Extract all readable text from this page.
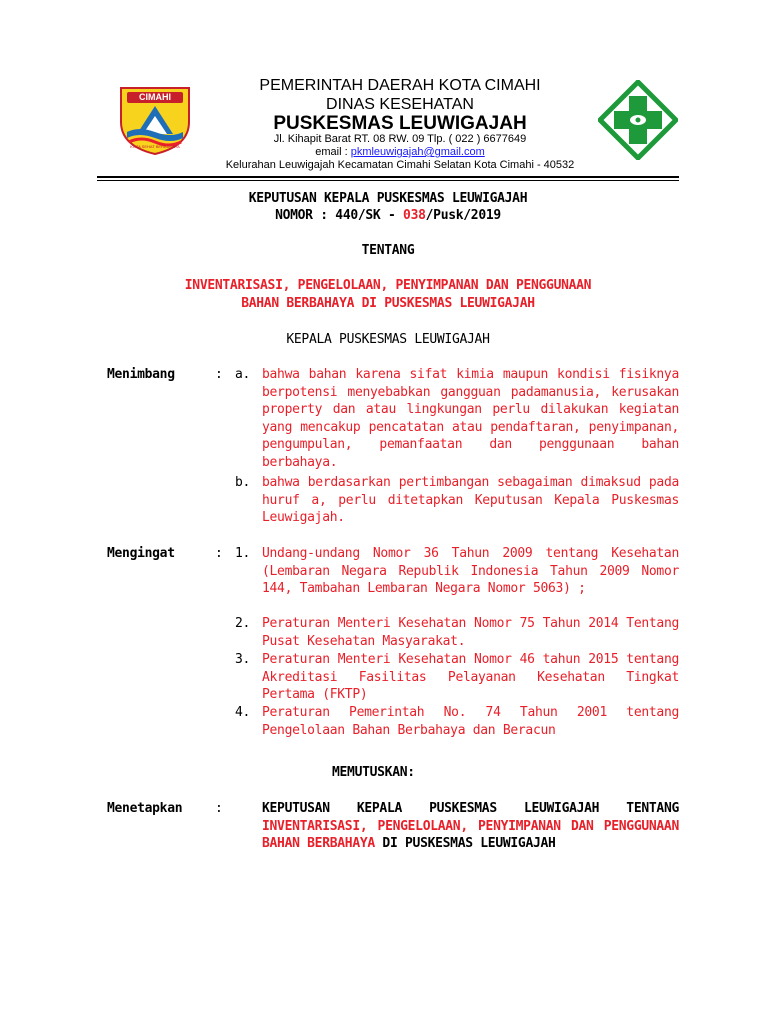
CIMAHI
KOTA SEHAT BERBUDAYA
PEMERINTAH DAERAH KOTA CIMAHI
DINAS KESEHATAN
PUSKESMAS LEUWIGAJAH
Jl. Kihapit Barat RT. 08 RW. 09 Tlp. ( 022 ) 6677649
email : pkmleuwigajah@gmail.com
Kelurahan Leuwigajah Kecamatan Cimahi Selatan Kota Cimahi - 40532
KEPUTUSAN KEPALA PUSKESMAS LEUWIGAJAH
NOMOR : 440/SK - 038/Pusk/2019
TENTANG
INVENTARISASI, PENGELOLAAN, PENYIMPANAN DAN PENGGUNAAN
BAHAN BERBAHAYA DI PUSKESMAS LEUWIGAJAH
KEPALA PUSKESMAS LEUWIGAJAH
Menimbang	: a. bahwa bahan karena sifat kimia maupun kondisi fisiknya berpotensi menyebabkan gangguan padamanusia, kerusakan property dan atau lingkungan perlu dilakukan kegiatan yang mencakup pencatatan atau pendaftaran, penyimpanan, pengumpulan, pemanfaatan dan penggunaan bahan berbahaya.
b. bahwa berdasarkan pertimbangan sebagaiman dimaksud pada huruf a, perlu ditetapkan Keputusan Kepala Puskesmas Leuwigajah.
Mengingat	: 1. Undang-undang Nomor 36 Tahun 2009 tentang Kesehatan (Lembaran Negara Republik Indonesia Tahun 2009 Nomor 144, Tambahan Lembaran Negara Nomor 5063) ;
2. Peraturan Menteri Kesehatan Nomor 75 Tahun 2014 Tentang Pusat Kesehatan Masyarakat.
3. Peraturan Menteri Kesehatan Nomor 46 tahun 2015 tentang Akreditasi Fasilitas Pelayanan Kesehatan Tingkat Pertama (FKTP)
4. Peraturan Pemerintah No. 74 Tahun 2001 tentang Pengelolaan Bahan Berbahaya dan Beracun
MEMUTUSKAN:
Menetapkan	:	KEPUTUSAN KEPALA PUSKESMAS LEUWIGAJAH TENTANG INVENTARISASI, PENGELOLAAN, PENYIMPANAN DAN PENGGUNAAN BAHAN BERBAHAYA DI PUSKESMAS LEUWIGAJAH
